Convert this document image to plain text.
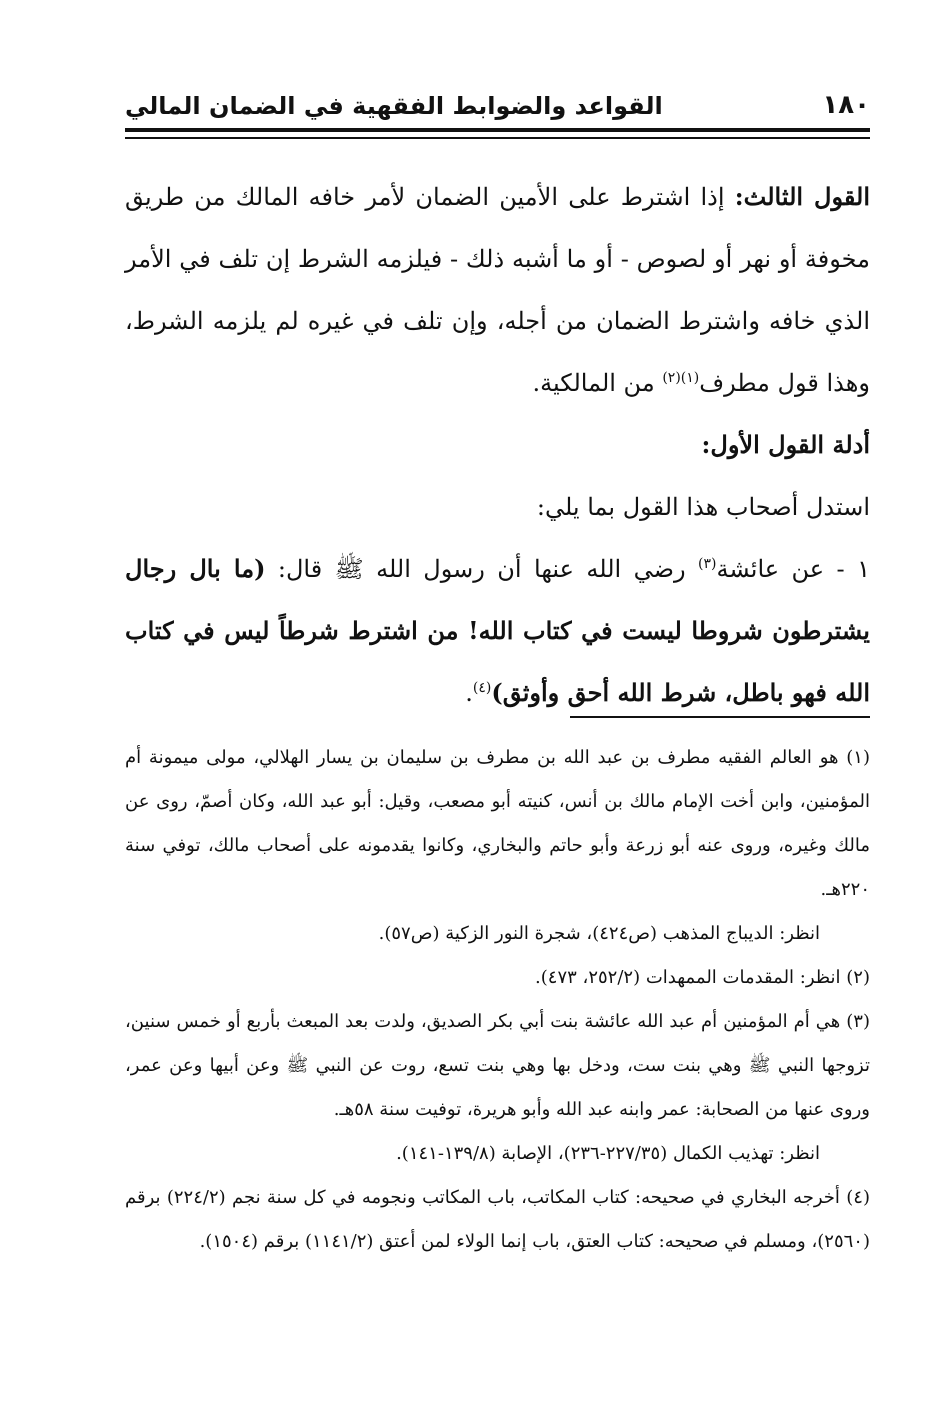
١٨٠
القواعد والضوابط الفقهية في الضمان المالي

القول الثالث: إذا اشترط على الأمين الضمان لأمر خافه المالك من طريق مخوفة أو نهر أو لصوص - أو ما أشبه ذلك - فيلزمه الشرط إن تلف في الأمر الذي خافه واشترط الضمان من أجله، وإن تلف في غيره لم يلزمه الشرط، وهذا قول مطرف$^{(١)(٢)}$ من المالكية.

أدلة القول الأول:

استدل أصحاب هذا القول بما يلي:

١ - عن عائشة$^{(٣)}$ رضي الله عنها أن رسول الله ﷺ قال: (ما بال رجال يشترطون شروطا ليست في كتاب الله! من اشترط شرطاً ليس في كتاب الله فهو باطل، شرط الله أحق وأوثق)$^{(٤)}$.

(١) هو العالم الفقيه مطرف بن عبد الله بن مطرف بن سليمان بن يسار الهلالي، مولى ميمونة أم المؤمنين، وابن أخت الإمام مالك بن أنس، كنيته أبو مصعب، وقيل: أبو عبد الله، وكان أصمّ، روى عن مالك وغيره، وروى عنه أبو زرعة وأبو حاتم والبخاري، وكانوا يقدمونه على أصحاب مالك، توفي سنة ٢٢٠هـ.

انظر: الديباج المذهب (ص٤٢٤)، شجرة النور الزكية (ص٥٧).

(٢) انظر: المقدمات الممهدات (٢٥٢/٢، ٤٧٣).

(٣) هي أم المؤمنين أم عبد الله عائشة بنت أبي بكر الصديق، ولدت بعد المبعث بأربع أو خمس سنين، تزوجها النبي ﷺ وهي بنت ست، ودخل بها وهي بنت تسع، روت عن النبي ﷺ وعن أبيها وعن عمر، وروى عنها من الصحابة: عمر وابنه عبد الله وأبو هريرة، توفيت سنة ٥٨هـ.

انظر: تهذيب الكمال (٢٢٧/٣٥-٢٣٦)، الإصابة (١٣٩/٨-١٤١).

(٤) أخرجه البخاري في صحيحه: كتاب المكاتب، باب المكاتب ونجومه في كل سنة نجم (٢٢٤/٢) برقم (٢٥٦٠)، ومسلم في صحيحه: كتاب العتق، باب إنما الولاء لمن أعتق (١١٤١/٢) برقم (١٥٠٤).
